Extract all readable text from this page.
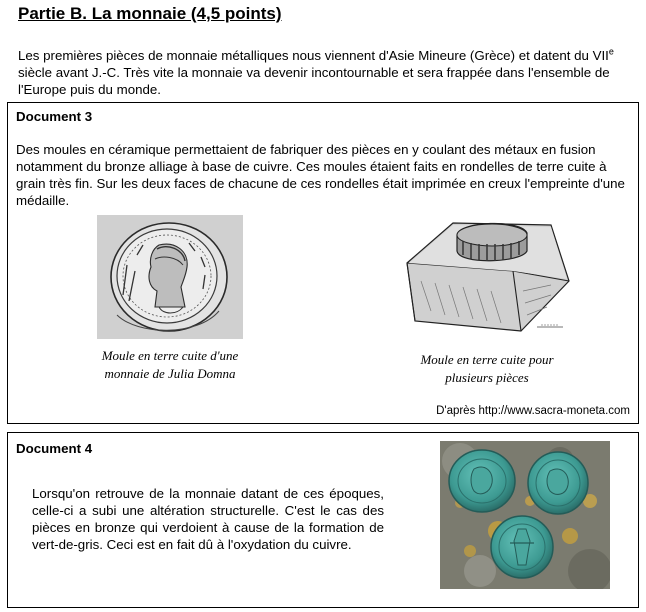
Partie B. La monnaie (4,5 points)
Les premières pièces de monnaie métalliques nous viennent d'Asie Mineure (Grèce) et datent du VIIe siècle avant J.-C. Très vite la monnaie va devenir incontournable et sera frappée dans l'ensemble de l'Europe puis du monde.
Document 3
Des moules en céramique permettaient de fabriquer des pièces en y coulant des métaux en fusion notamment du bronze alliage à base de cuivre. Ces moules étaient faits en rondelles de terre cuite à grain très fin. Sur les deux faces de chacune de ces rondelles était imprimée en creux l'empreinte d'une médaille.
Moule en terre cuite d'une
monnaie de Julia Domna
Moule en terre cuite pour
plusieurs pièces
D'après http://www.sacra-moneta.com
Document 4
Lorsqu'on retrouve de la monnaie datant de ces époques, celle-ci a subi une altération structurelle. C'est le cas des pièces en bronze qui verdoient à cause de la formation de vert-de-gris. Ceci est en fait dû à l'oxydation du cuivre.
